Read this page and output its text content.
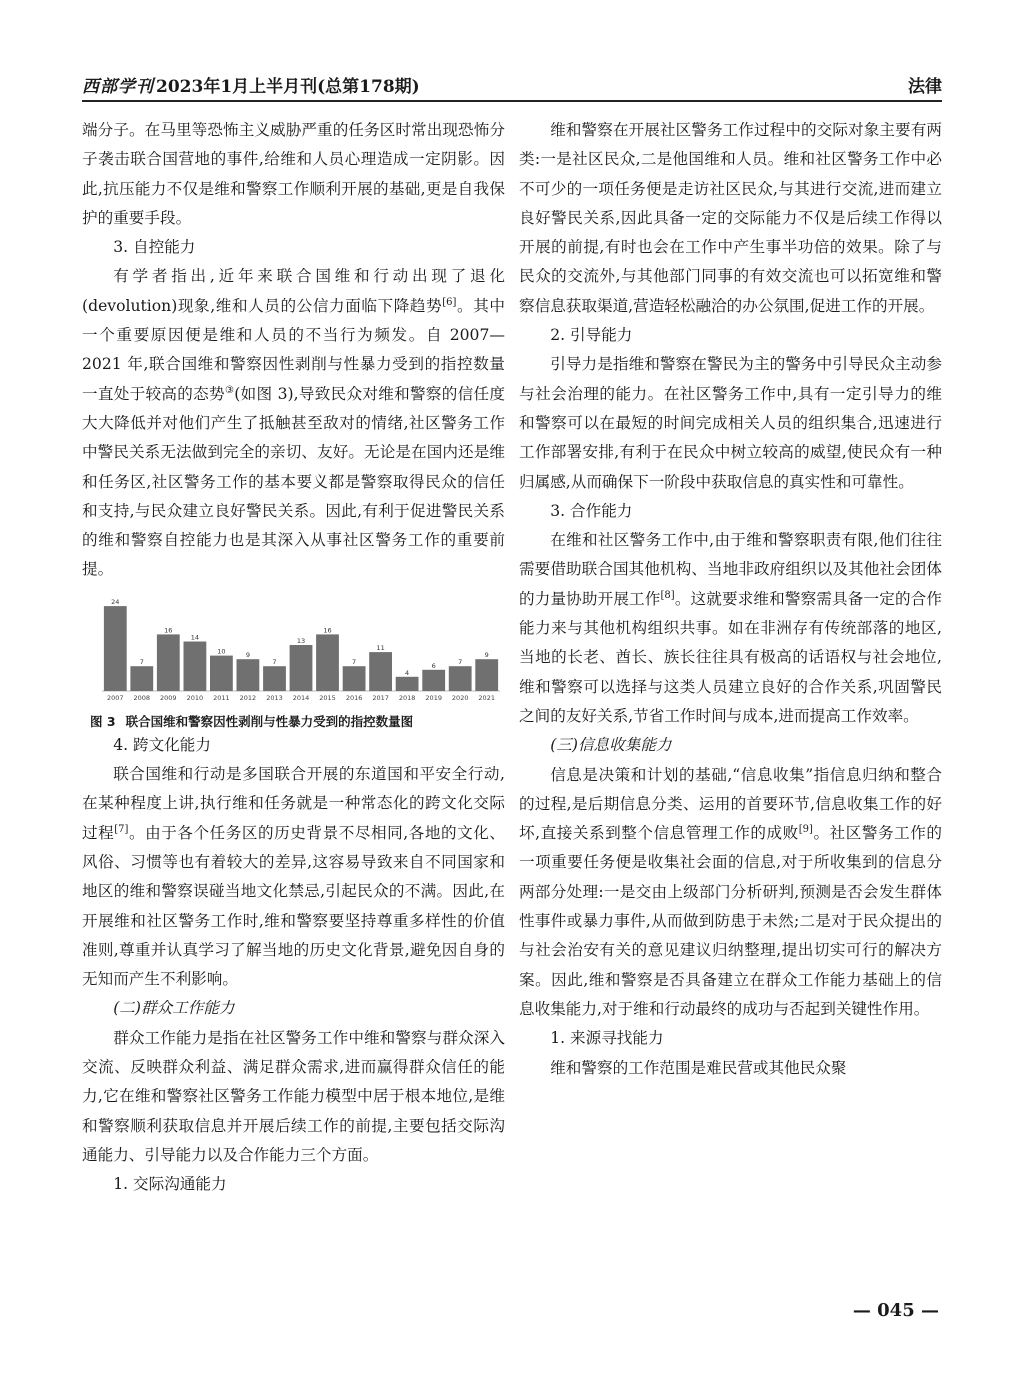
西部学刊 2023年1月上半月刊(总第178期)	法律

端分子。在马里等恐怖主义威胁严重的任务区时常出现恐怖分子袭击联合国营地的事件,给维和人员心理造成一定阴影。因此,抗压能力不仅是维和警察工作顺利开展的基础,更是自我保护的重要手段。

3. 自控能力

有学者指出,近年来联合国维和行动出现了退化(devolution)现象,维和人员的公信力面临下降趋势[6]。其中一个重要原因便是维和人员的不当行为频发。自 2007—2021 年,联合国维和警察因性剥削与性暴力受到的指控数量一直处于较高的态势③(如图 3),导致民众对维和警察的信任度大大降低并对他们产生了抵触甚至敌对的情绪,社区警务工作中警民关系无法做到完全的亲切、友好。无论是在国内还是维和任务区,社区警务工作的基本要义都是警察取得民众的信任和支持,与民众建立良好警民关系。因此,有利于促进警民关系的维和警察自控能力也是其深入从事社区警务工作的重要前提。

24
2007
7
2008
16
2009
14
2010
10
2011
9
2012
7
2013
13
2014
16
2015
7
2016
11
2017
4
2018
6
2019
7
2020
9
2021
图 3 联合国维和警察因性剥削与性暴力受到的指控数量图

4. 跨文化能力

联合国维和行动是多国联合开展的东道国和平安全行动,在某种程度上讲,执行维和任务就是一种常态化的跨文化交际过程[7]。由于各个任务区的历史背景不尽相同,各地的文化、风俗、习惯等也有着较大的差异,这容易导致来自不同国家和地区的维和警察误碰当地文化禁忌,引起民众的不满。因此,在开展维和社区警务工作时,维和警察要坚持尊重多样性的价值准则,尊重并认真学习了解当地的历史文化背景,避免因自身的无知而产生不利影响。

(二)群众工作能力

群众工作能力是指在社区警务工作中维和警察与群众深入交流、反映群众利益、满足群众需求,进而赢得群众信任的能力,它在维和警察社区警务工作能力模型中居于根本地位,是维和警察顺利获取信息并开展后续工作的前提,主要包括交际沟通能力、引导能力以及合作能力三个方面。

1. 交际沟通能力

维和警察在开展社区警务工作过程中的交际对象主要有两类:一是社区民众,二是他国维和人员。维和社区警务工作中必不可少的一项任务便是走访社区民众,与其进行交流,进而建立良好警民关系,因此具备一定的交际能力不仅是后续工作得以开展的前提,有时也会在工作中产生事半功倍的效果。除了与民众的交流外,与其他部门同事的有效交流也可以拓宽维和警察信息获取渠道,营造轻松融洽的办公氛围,促进工作的开展。

2. 引导能力

引导力是指维和警察在警民为主的警务中引导民众主动参与社会治理的能力。在社区警务工作中,具有一定引导力的维和警察可以在最短的时间完成相关人员的组织集合,迅速进行工作部署安排,有利于在民众中树立较高的威望,使民众有一种归属感,从而确保下一阶段中获取信息的真实性和可靠性。

3. 合作能力

在维和社区警务工作中,由于维和警察职责有限,他们往往需要借助联合国其他机构、当地非政府组织以及其他社会团体的力量协助开展工作[8]。这就要求维和警察需具备一定的合作能力来与其他机构组织共事。如在非洲存有传统部落的地区,当地的长老、酋长、族长往往具有极高的话语权与社会地位,维和警察可以选择与这类人员建立良好的合作关系,巩固警民之间的友好关系,节省工作时间与成本,进而提高工作效率。

(三)信息收集能力

信息是决策和计划的基础,“信息收集”指信息归纳和整合的过程,是后期信息分类、运用的首要环节,信息收集工作的好坏,直接关系到整个信息管理工作的成败[9]。社区警务工作的一项重要任务便是收集社会面的信息,对于所收集到的信息分两部分处理:一是交由上级部门分析研判,预测是否会发生群体性事件或暴力事件,从而做到防患于未然;二是对于民众提出的与社会治安有关的意见建议归纳整理,提出切实可行的解决方案。因此,维和警察是否具备建立在群众工作能力基础上的信息收集能力,对于维和行动最终的成功与否起到关键性作用。

1. 来源寻找能力

维和警察的工作范围是难民营或其他民众聚

— 045 —
